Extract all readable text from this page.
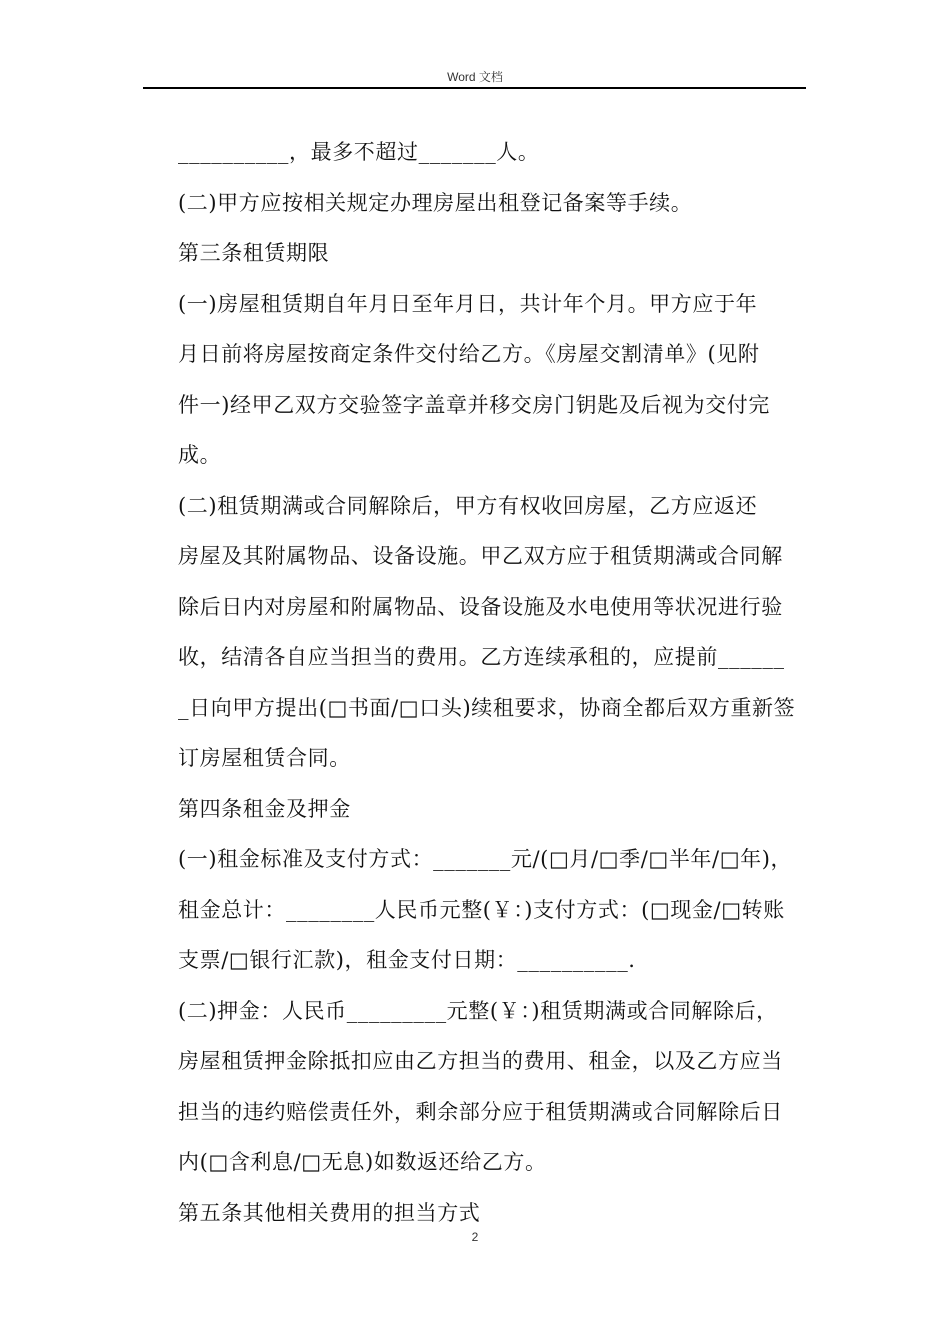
Word 文档

__________，最多不超过_______人。

(二)甲方应按相关规定办理房屋出租登记备案等手续。

第三条租赁期限

(一)房屋租赁期自年月日至年月日，共计年个月。甲方应于年

月日前将房屋按商定条件交付给乙方。《房屋交割清单》(见附

件一)经甲乙双方交验签字盖章并移交房门钥匙及后视为交付完

成。

(二)租赁期满或合同解除后，甲方有权收回房屋，乙方应返还

房屋及其附属物品、设备设施。甲乙双方应于租赁期满或合同解

除后日内对房屋和附属物品、设备设施及水电使用等状况进行验

收，结清各自应当担当的费用。乙方连续承租的，应提前______

_日向甲方提出(□书面/□口头)续租要求，协商全都后双方重新签

订房屋租赁合同。

第四条租金及押金

(一)租金标准及支付方式：_______元/(□月/□季/□半年/□年)，

租金总计：________人民币元整(￥：)支付方式：(□现金/□转账

支票/□银行汇款)，租金支付日期：__________.

(二)押金：人民币_________元整(￥：)租赁期满或合同解除后，

房屋租赁押金除抵扣应由乙方担当的费用、租金，以及乙方应当

担当的违约赔偿责任外，剩余部分应于租赁期满或合同解除后日

内(□含利息/□无息)如数返还给乙方。

第五条其他相关费用的担当方式

2
